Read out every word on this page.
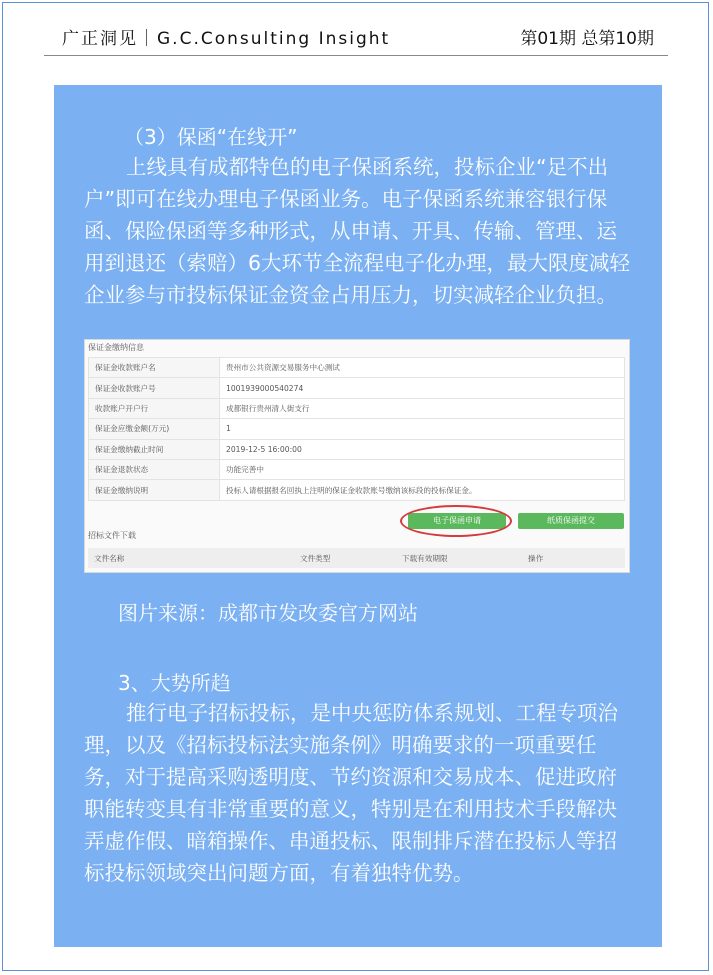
广正洞见｜G.C.Consulting Insight	第01期 总第10期
（3）保函“在线开”

上线具有成都特色的电子保函系统，投标企业“足不出户”即可在线办理电子保函业务。电子保函系统兼容银行保函、保险保函等多种形式，从申请、开具、传输、管理、运用到退还（索赔）6大环节全流程电子化办理，最大限度减轻企业参与市投标保证金资金占用压力，切实减轻企业负担。

保证金缴纳信息
保证金收款账户名	贵州市公共资源交易服务中心测试
保证金收款账户号	1001939000540274
收款账户开户行	成都银行贵州清人街支行
保证金应缴金额(万元)	1
保证金缴纳截止时间	2019-12-5 16:00:00
保证金退款状态	功能完善中
保证金缴纳说明	投标人请根据报名回执上注明的保证金收款账号缴纳该标段的投标保证金。
电子保函申请	纸质保函提交
招标文件下载
文件名称	文件类型	下载有效期限	操作
图片来源：成都市发改委官方网站
3、大势所趋

推行电子招标投标，是中央惩防体系规划、工程专项治理，以及《招标投标法实施条例》明确要求的一项重要任务，对于提高采购透明度、节约资源和交易成本、促进政府职能转变具有非常重要的意义，特别是在利用技术手段解决弄虚作假、暗箱操作、串通投标、限制排斥潜在投标人等招标投标领域突出问题方面，有着独特优势。
